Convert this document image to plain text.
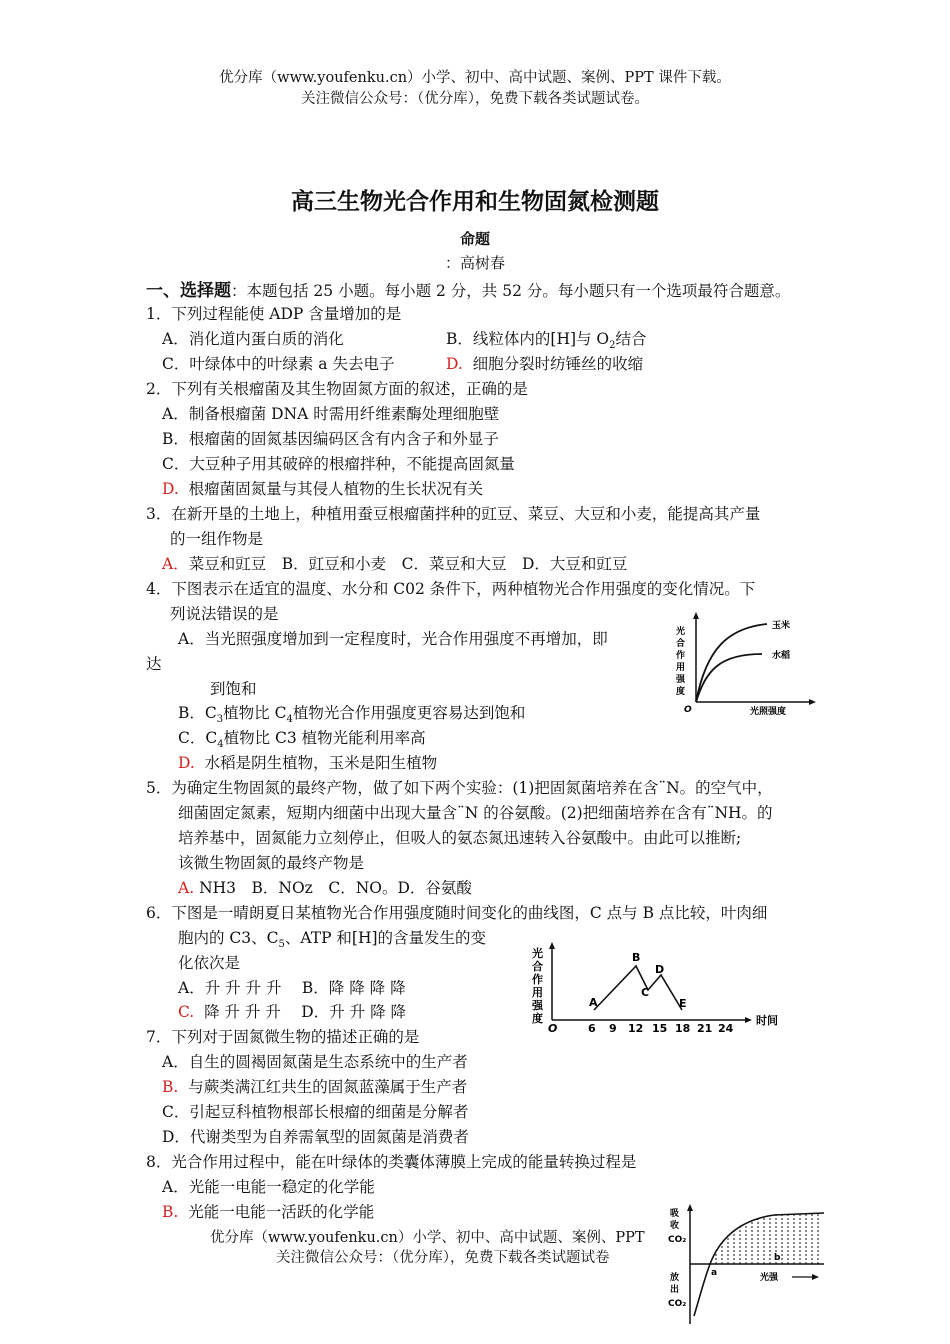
优分库（www.youfenku.cn）小学、初中、高中试题、案例、PPT 课件下载。
关注微信公众号：（优分库），免费下载各类试题试卷。
高三生物光合作用和生物固氮检测题
命题
：高树春
一、选择题：本题包括 25 小题。每小题 2 分，共 52 分。每小题只有一个选项最符合题意。
1．下列过程能使 ADP 含量增加的是
A．消化道内蛋白质的消化	B．线粒体内的[H]与 $O_2$结合
C．叶绿体中的叶绿素 a 失去电子	D. 细胞分裂时纺锤丝的收缩
2．下列有关根瘤菌及其生物固氮方面的叙述，正确的是
A．制备根瘤菌 DNA 时需用纤维素酶处理细胞壁
B．根瘤菌的固氮基因编码区含有内含子和外显子
C．大豆种子用其破碎的根瘤拌种，不能提高固氮量
D. 根瘤菌固氮量与其侵人植物的生长状况有关
3．在新开垦的土地上，种植用蚕豆根瘤菌拌种的豇豆、菜豆、大豆和小麦，能提高其产量
的一组作物是
A．菜豆和豇豆　 B．豇豆和小麦　C．菜豆和大豆　D．大豆和豇豆
4．下图表示在适宜的温度、水分和 C02 条件下，两种植物光合作用强度的变化情况。下
列说法错误的是
A．当光照强度增加到一定程度时，光合作用强度不再增加，即
达
到饱和
B．$C_3$植物比 $C_4$植物光合作用强度更容易达到饱和
C．$C_4$植物比 C3 植物光能利用率高
D. 水稻是阴生植物，玉米是阳生植物
光
合
作
用
强
度
O	光照强度
玉米
水稻
5．为确定生物固氮的最终产物，做了如下两个实验：(1)把固氮菌培养在含¨N。的空气中，
细菌固定氮素，短期内细菌中出现大量含¨N 的谷氨酸。(2)把细菌培养在含有¨NH。的
培养基中，固氮能力立刻停止，但吸人的氨态氮迅速转入谷氨酸中。由此可以推断;
该微生物固氮的最终产物是
A. NH3　B．NOz　C．NO。D．谷氨酸
6．下图是一晴朗夏日某植物光合作用强度随时间变化的曲线图，C 点与 B 点比较，叶肉细
胞内的 C3、$C_5$、ATP 和[H]的含量发生的变
化依次是
A．升 升 升 升　 B．降 降 降 降
C. 降 升 升 升　 D．升 升 降 降
光
合
作
用
强
度
O	6 9 12 15 18 21 24
时间
A
B
C
D
E
7．下列对于固氮微生物的描述正确的是
A．自生的圆褐固氮菌是生态系统中的生产者
B. 与蕨类满江红共生的固氮蓝藻属于生产者
C．引起豆科植物根部长根瘤的细菌是分解者
D．代谢类型为自养需氧型的固氮菌是消费者
8．光合作用过程中，能在叶绿体的类囊体薄膜上完成的能量转换过程是
A．光能一电能一稳定的化学能
B. 光能一电能一活跃的化学能	吸
收
CO₂
放
出
CO₂
a
b
光强
优分库（www.youfenku.cn）小学、初中、高中试题、案例、PPT
关注微信公众号：（优分库），免费下载各类试题试卷
